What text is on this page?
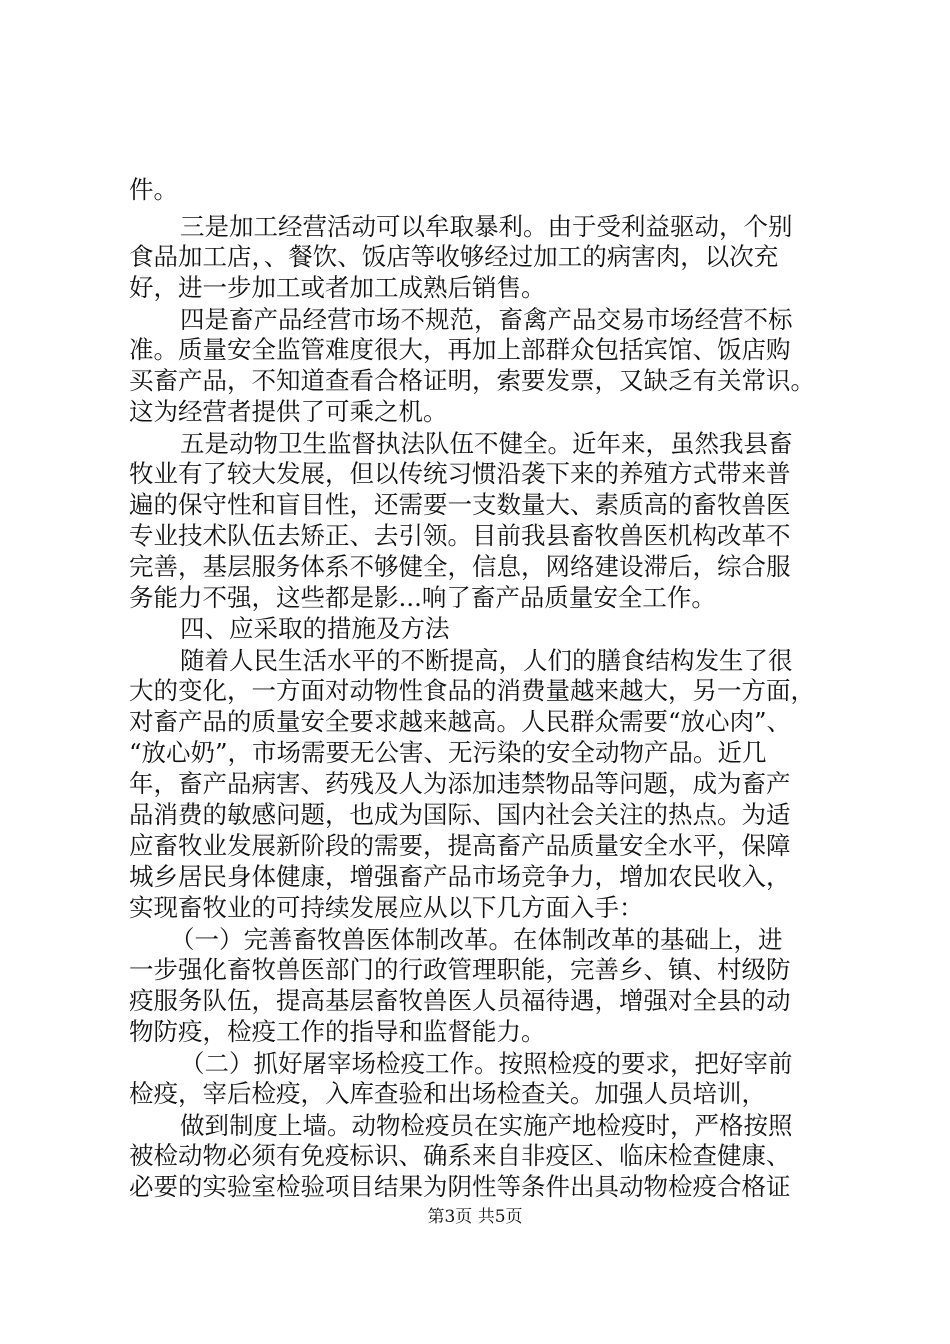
件。

三是加工经营活动可以牟取暴利。由于受利益驱动，个别

食品加工店，、餐饮、饭店等收够经过加工的病害肉，以次充

好，进一步加工或者加工成熟后销售。

四是畜产品经营市场不规范，畜禽产品交易市场经营不标

准。质量安全监管难度很大，再加上部群众包括宾馆、饭店购

买畜产品，不知道查看合格证明，索要发票，又缺乏有关常识。

这为经营者提供了可乘之机。

五是动物卫生监督执法队伍不健全。近年来，虽然我县畜

牧业有了较大发展，但以传统习惯沿袭下来的养殖方式带来普

遍的保守性和盲目性，还需要一支数量大、素质高的畜牧兽医

专业技术队伍去矫正、去引领。目前我县畜牧兽医机构改革不

完善，基层服务体系不够健全，信息，网络建设滞后，综合服

务能力不强，这些都是影...响了畜产品质量安全工作。

四、应采取的措施及方法

随着人民生活水平的不断提高，人们的膳食结构发生了很

大的变化，一方面对动物性食品的消费量越来越大，另一方面，

对畜产品的质量安全要求越来越高。人民群众需要“放心肉”、

“放心奶”，市场需要无公害、无污染的安全动物产品。近几

年，畜产品病害、药残及人为添加违禁物品等问题，成为畜产

品消费的敏感问题，也成为国际、国内社会关注的热点。为适

应畜牧业发展新阶段的需要，提高畜产品质量安全水平，保障

城乡居民身体健康，增强畜产品市场竞争力，增加农民收入，

实现畜牧业的可持续发展应从以下几方面入手：

（一）完善畜牧兽医体制改革。在体制改革的基础上，进

一步强化畜牧兽医部门的行政管理职能，完善乡、镇、村级防

疫服务队伍，提高基层畜牧兽医人员福待遇，增强对全县的动

物防疫，检疫工作的指导和监督能力。

（二）抓好屠宰场检疫工作。按照检疫的要求，把好宰前

检疫，宰后检疫，入库查验和出场检查关。加强人员培训，

做到制度上墙。动物检疫员在实施产地检疫时，严格按照

被检动物必须有免疫标识、确系来自非疫区、临床检查健康、

必要的实验室检验项目结果为阴性等条件出具动物检疫合格证

第3页 共5页
